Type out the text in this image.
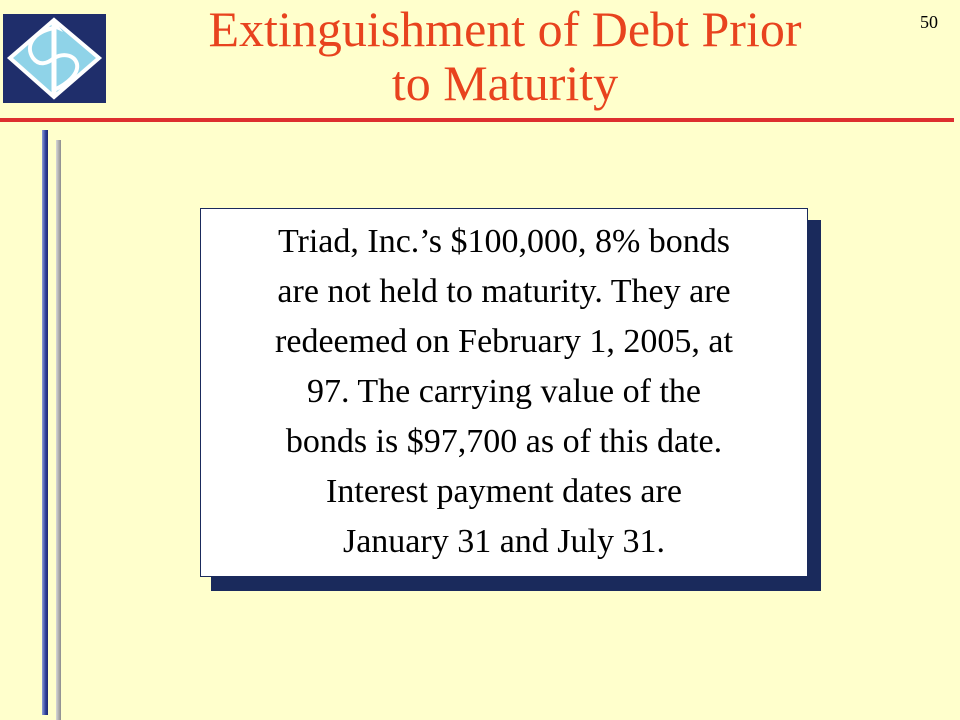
50
Extinguishment of Debt Prior
to Maturity
Triad, Inc.’s $100,000, 8% bonds
are not held to maturity. They are
redeemed on February 1, 2005, at
97. The carrying value of the
bonds is $97,700 as of this date.
Interest payment dates are
January 31 and July 31.
